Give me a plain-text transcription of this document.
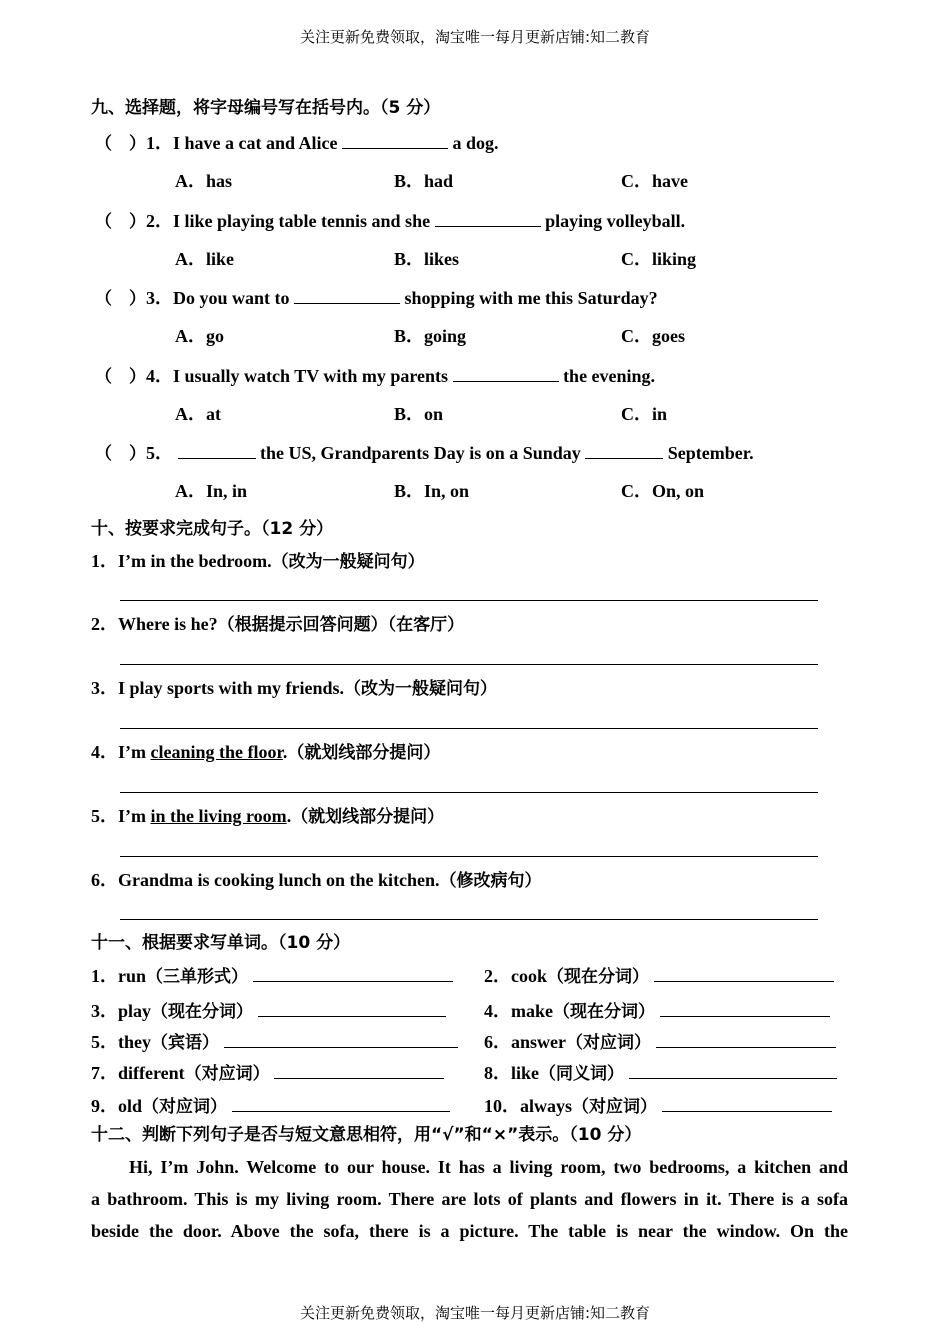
关注更新免费领取，淘宝唯一每月更新店铺:知二教育
九、选择题，将字母编号写在括号内。（5 分）
（　）1．I have a cat and Alice	a dog.
A．has	B．had	C．have
（　）2．I like playing table tennis and she	playing volleyball.
A．like	B．likes	C．liking
（　）3．Do you want to	shopping with me this Saturday?
A．go	B．going	C．goes
（　）4．I usually watch TV with my parents	the evening.
A．at	B．on	C．in
（　）5．	the US, Grandparents Day is on a Sunday	September.
A．In, in	B．In, on	C．On, on
十、按要求完成句子。（12 分）
1．I’m in the bedroom.（改为一般疑问句）
2．Where is he?（根据提示回答问题）（在客厅）
3．I play sports with my friends.（改为一般疑问句）
4．I’m cleaning the floor.（就划线部分提问）
5．I’m in the living room.（就划线部分提问）
6．Grandma is cooking lunch on the kitchen.（修改病句）
十一、根据要求写单词。（10 分）
1．run（三单形式）	2．cook（现在分词）
3．play（现在分词）	4．make（现在分词）
5．they（宾语）	6．answer（对应词）
7．different（对应词）	8．like（同义词）
9．old（对应词）	10．always（对应词）
十二、判断下列句子是否与短文意思相符，用“√”和“×”表示。（10 分）
Hi, I’m John. Welcome to our house. It has a living room, two bedrooms, a kitchen and
a bathroom. This is my living room. There are lots of plants and flowers in it. There is a sofa
beside the door. Above the sofa, there is a picture. The table is near the window. On the
关注更新免费领取，淘宝唯一每月更新店铺:知二教育
